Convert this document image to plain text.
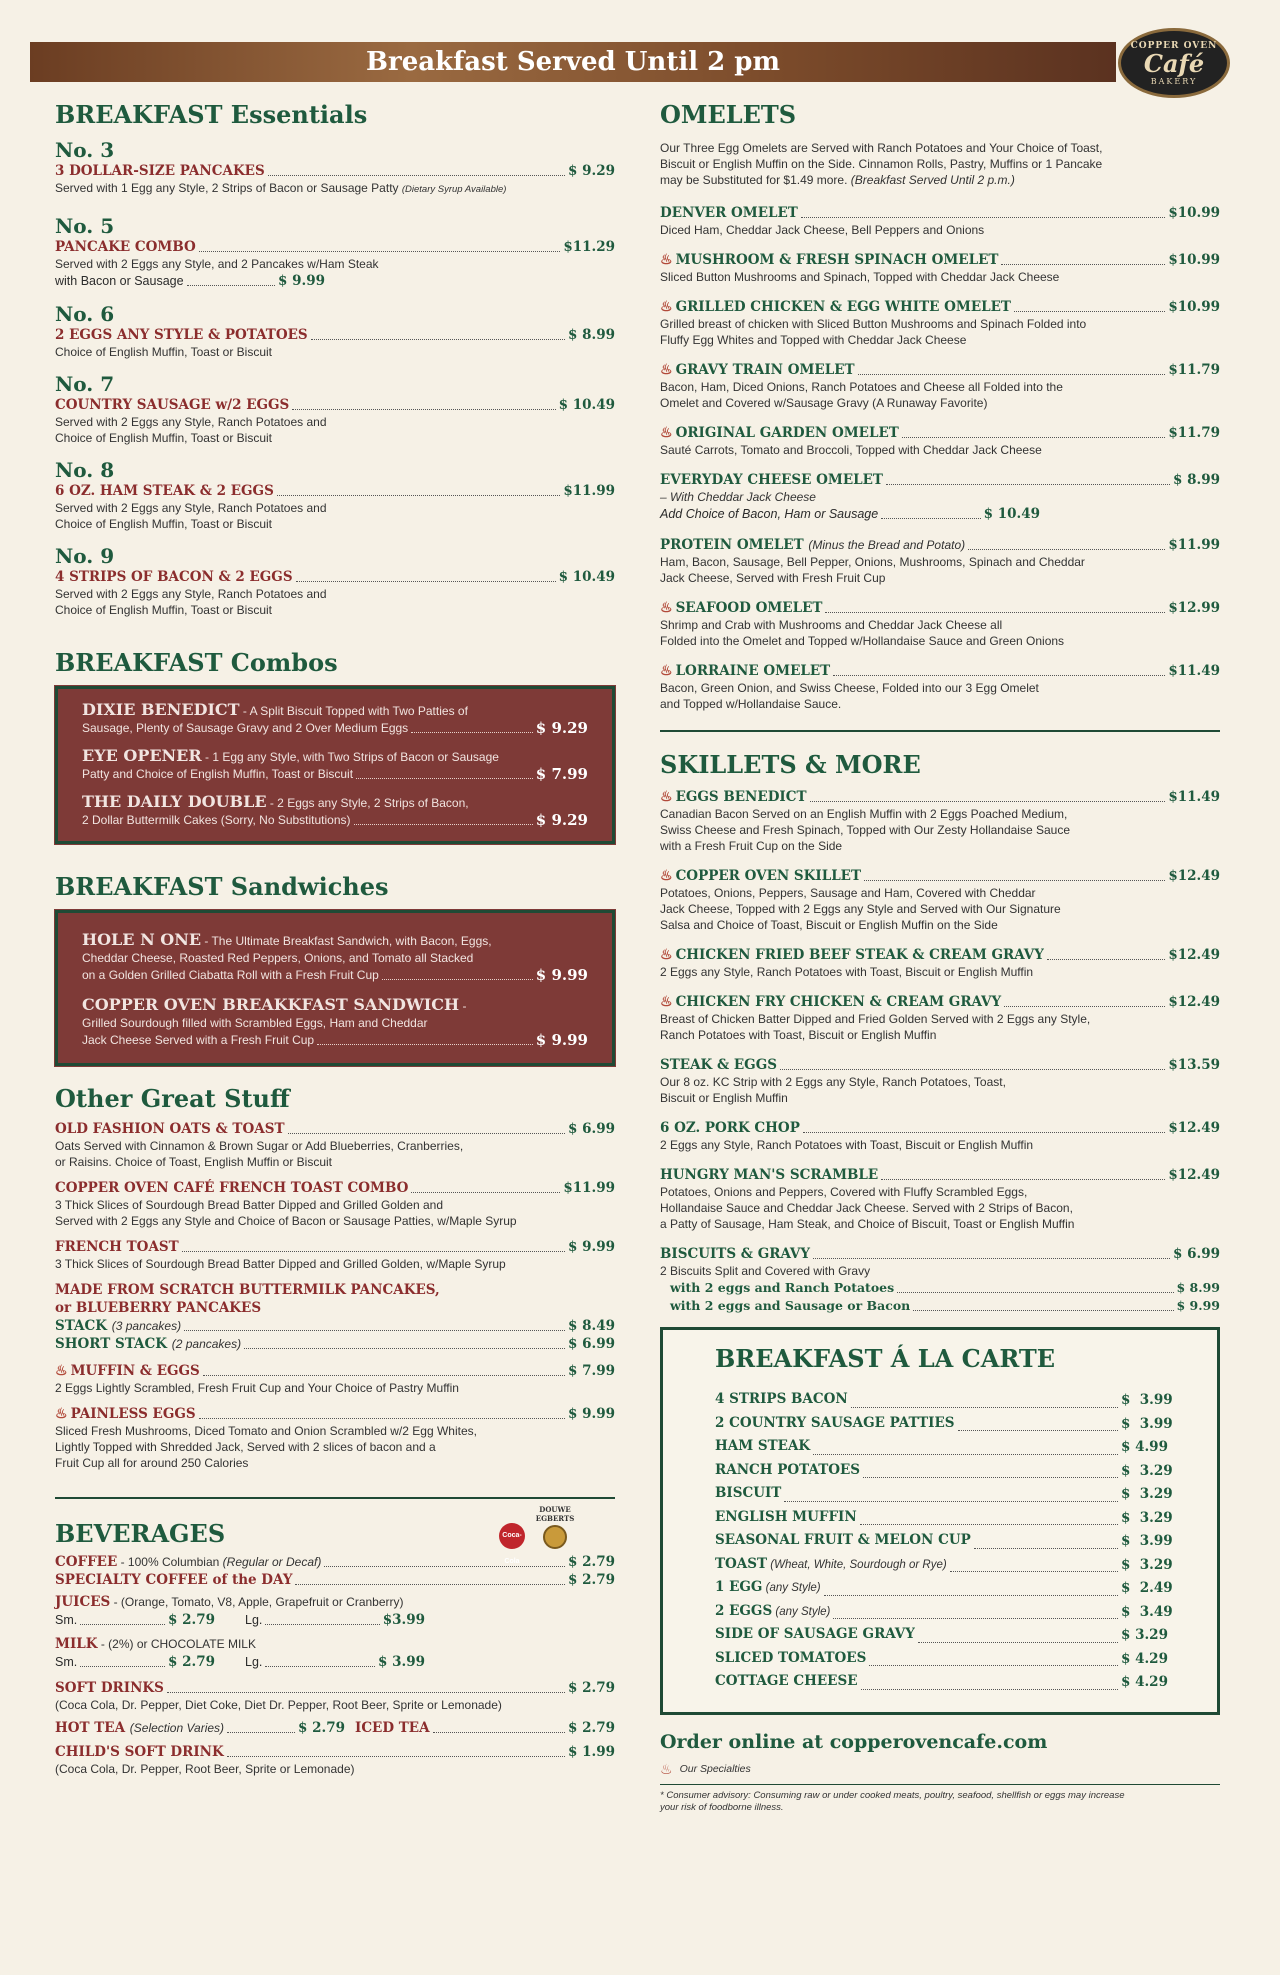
Breakfast Served Until 2 pm
COPPER OVEN
Café
BAKERY
BREAKFAST Essentials
No. 3
3 DOLLAR-SIZE PANCAKES	$ 9.29
Served with 1 Egg any Style, 2 Strips of Bacon or Sausage Patty (Dietary Syrup Available)
No. 5
PANCAKE COMBO	$11.29
Served with 2 Eggs any Style, and 2 Pancakes w/Ham Steak
with Bacon or Sausage	$ 9.99
No. 6
2 EGGS ANY STYLE & POTATOES	$ 8.99
Choice of English Muffin, Toast or Biscuit
No. 7
COUNTRY SAUSAGE w/2 EGGS	$ 10.49
Served with 2 Eggs any Style, Ranch Potatoes and
Choice of English Muffin, Toast or Biscuit
No. 8
6 OZ. HAM STEAK & 2 EGGS	$11.99
Served with 2 Eggs any Style, Ranch Potatoes and
Choice of English Muffin, Toast or Biscuit
No. 9
4 STRIPS OF BACON & 2 EGGS	$ 10.49
Served with 2 Eggs any Style, Ranch Potatoes and
Choice of English Muffin, Toast or Biscuit
BREAKFAST Combos
DIXIE BENEDICT - A Split Biscuit Topped with Two Patties of
Sausage, Plenty of Sausage Gravy and 2 Over Medium Eggs	$ 9.29
EYE OPENER - 1 Egg any Style, with Two Strips of Bacon or Sausage
Patty and Choice of English Muffin, Toast or Biscuit	$ 7.99
THE DAILY DOUBLE - 2 Eggs any Style, 2 Strips of Bacon,
2 Dollar Buttermilk Cakes (Sorry, No Substitutions)	$ 9.29
BREAKFAST Sandwiches
HOLE N ONE - The Ultimate Breakfast Sandwich, with Bacon, Eggs,
Cheddar Cheese, Roasted Red Peppers, Onions, and Tomato all Stacked
on a Golden Grilled Ciabatta Roll with a Fresh Fruit Cup	$ 9.99
COPPER OVEN BREAKKFAST SANDWICH -
Grilled Sourdough filled with Scrambled Eggs, Ham and Cheddar
Jack Cheese Served with a Fresh Fruit Cup	$ 9.99
Other Great Stuff
OLD FASHION OATS & TOAST	$ 6.99
Oats Served with Cinnamon & Brown Sugar or Add Blueberries, Cranberries,
or Raisins. Choice of Toast, English Muffin or Biscuit
COPPER OVEN CAFÉ FRENCH TOAST COMBO	$11.99
3 Thick Slices of Sourdough Bread Batter Dipped and Grilled Golden and
Served with 2 Eggs any Style and Choice of Bacon or Sausage Patties, w/Maple Syrup
FRENCH TOAST	$ 9.99
3 Thick Slices of Sourdough Bread Batter Dipped and Grilled Golden, w/Maple Syrup
MADE FROM SCRATCH BUTTERMILK PANCAKES,
or BLUEBERRY PANCAKES
STACK (3 pancakes)	$ 8.49
SHORT STACK (2 pancakes)	$ 6.99
♨ MUFFIN & EGGS	$ 7.99
2 Eggs Lightly Scrambled, Fresh Fruit Cup and Your Choice of Pastry Muffin
♨ PAINLESS EGGS	$ 9.99
Sliced Fresh Mushrooms, Diced Tomato and Onion Scrambled w/2 Egg Whites,
Lightly Topped with Shredded Jack, Served with 2 slices of bacon and a
Fruit Cup all for around 250 Calories
BEVERAGES	Coca-Cola
DOUWE EGBERTS
COFFEE - 100% Columbian (Regular or Decaf)	$ 2.79
SPECIALTY COFFEE of the DAY	$ 2.79
JUICES - (Orange, Tomato, V8, Apple, Grapefruit or Cranberry)
Sm.	$ 2.79 Lg.	$3.99
MILK - (2%) or CHOCOLATE MILK
Sm.	$ 2.79 Lg.	$ 3.99
SOFT DRINKS	$ 2.79
(Coca Cola, Dr. Pepper, Diet Coke, Diet Dr. Pepper, Root Beer, Sprite or Lemonade)
HOT TEA (Selection Varies)	$ 2.79 ICED TEA	$ 2.79
CHILD'S SOFT DRINK	$ 1.99
(Coca Cola, Dr. Pepper, Root Beer, Sprite or Lemonade)
OMELETS
Our Three Egg Omelets are Served with Ranch Potatoes and Your Choice of Toast,
Biscuit or English Muffin on the Side. Cinnamon Rolls, Pastry, Muffins or 1 Pancake
may be Substituted for $1.49 more. (Breakfast Served Until 2 p.m.)
DENVER OMELET	$10.99
Diced Ham, Cheddar Jack Cheese, Bell Peppers and Onions
♨ MUSHROOM & FRESH SPINACH OMELET	$10.99
Sliced Button Mushrooms and Spinach, Topped with Cheddar Jack Cheese
♨ GRILLED CHICKEN & EGG WHITE OMELET	$10.99
Grilled breast of chicken with Sliced Button Mushrooms and Spinach Folded into
Fluffy Egg Whites and Topped with Cheddar Jack Cheese
♨ GRAVY TRAIN OMELET	$11.79
Bacon, Ham, Diced Onions, Ranch Potatoes and Cheese all Folded into the
Omelet and Covered w/Sausage Gravy (A Runaway Favorite)
♨ ORIGINAL GARDEN OMELET	$11.79
Sauté Carrots, Tomato and Broccoli, Topped with Cheddar Jack Cheese
EVERYDAY CHEESE OMELET	$ 8.99
– With Cheddar Jack Cheese
Add Choice of Bacon, Ham or Sausage	$ 10.49
PROTEIN OMELET (Minus the Bread and Potato)	$11.99
Ham, Bacon, Sausage, Bell Pepper, Onions, Mushrooms, Spinach and Cheddar
Jack Cheese, Served with Fresh Fruit Cup
♨ SEAFOOD OMELET	$12.99
Shrimp and Crab with Mushrooms and Cheddar Jack Cheese all
Folded into the Omelet and Topped w/Hollandaise Sauce and Green Onions
♨ LORRAINE OMELET	$11.49
Bacon, Green Onion, and Swiss Cheese, Folded into our 3 Egg Omelet
and Topped w/Hollandaise Sauce.
SKILLETS & MORE
♨ EGGS BENEDICT	$11.49
Canadian Bacon Served on an English Muffin with 2 Eggs Poached Medium,
Swiss Cheese and Fresh Spinach, Topped with Our Zesty Hollandaise Sauce
with a Fresh Fruit Cup on the Side
♨ COPPER OVEN SKILLET	$12.49
Potatoes, Onions, Peppers, Sausage and Ham, Covered with Cheddar
Jack Cheese, Topped with 2 Eggs any Style and Served with Our Signature
Salsa and Choice of Toast, Biscuit or English Muffin on the Side
♨ CHICKEN FRIED BEEF STEAK & CREAM GRAVY	$12.49
2 Eggs any Style, Ranch Potatoes with Toast, Biscuit or English Muffin
♨ CHICKEN FRY CHICKEN & CREAM GRAVY	$12.49
Breast of Chicken Batter Dipped and Fried Golden Served with 2 Eggs any Style,
Ranch Potatoes with Toast, Biscuit or English Muffin
STEAK & EGGS	$13.59
Our 8 oz. KC Strip with 2 Eggs any Style, Ranch Potatoes, Toast,
Biscuit or English Muffin
6 OZ. PORK CHOP	$12.49
2 Eggs any Style, Ranch Potatoes with Toast, Biscuit or English Muffin
HUNGRY MAN'S SCRAMBLE	$12.49
Potatoes, Onions and Peppers, Covered with Fluffy Scrambled Eggs,
Hollandaise Sauce and Cheddar Jack Cheese. Served with 2 Strips of Bacon,
a Patty of Sausage, Ham Steak, and Choice of Biscuit, Toast or English Muffin
BISCUITS & GRAVY	$ 6.99
2 Biscuits Split and Covered with Gravy
with 2 eggs and Ranch Potatoes	$ 8.99
with 2 eggs and Sausage or Bacon	$ 9.99
BREAKFAST Á LA CARTE
4 STRIPS BACON	$  3.99
2 COUNTRY SAUSAGE PATTIES	$  3.99
HAM STEAK	$ 4.99
RANCH POTATOES	$  3.29
BISCUIT	$  3.29
ENGLISH MUFFIN	$  3.29
SEASONAL FRUIT & MELON CUP	$  3.99
TOAST (Wheat, White, Sourdough or Rye)	$  3.29
1 EGG (any Style)	$  2.49
2 EGGS (any Style)	$  3.49
SIDE OF SAUSAGE GRAVY	$ 3.29
SLICED TOMATOES	$ 4.29
COTTAGE CHEESE	$ 4.29
Order online at copperovencafe.com
♨ Our Specialties
* Consumer advisory: Consuming raw or under cooked meats, poultry, seafood, shellfish or eggs may increase
your risk of foodborne illness.
